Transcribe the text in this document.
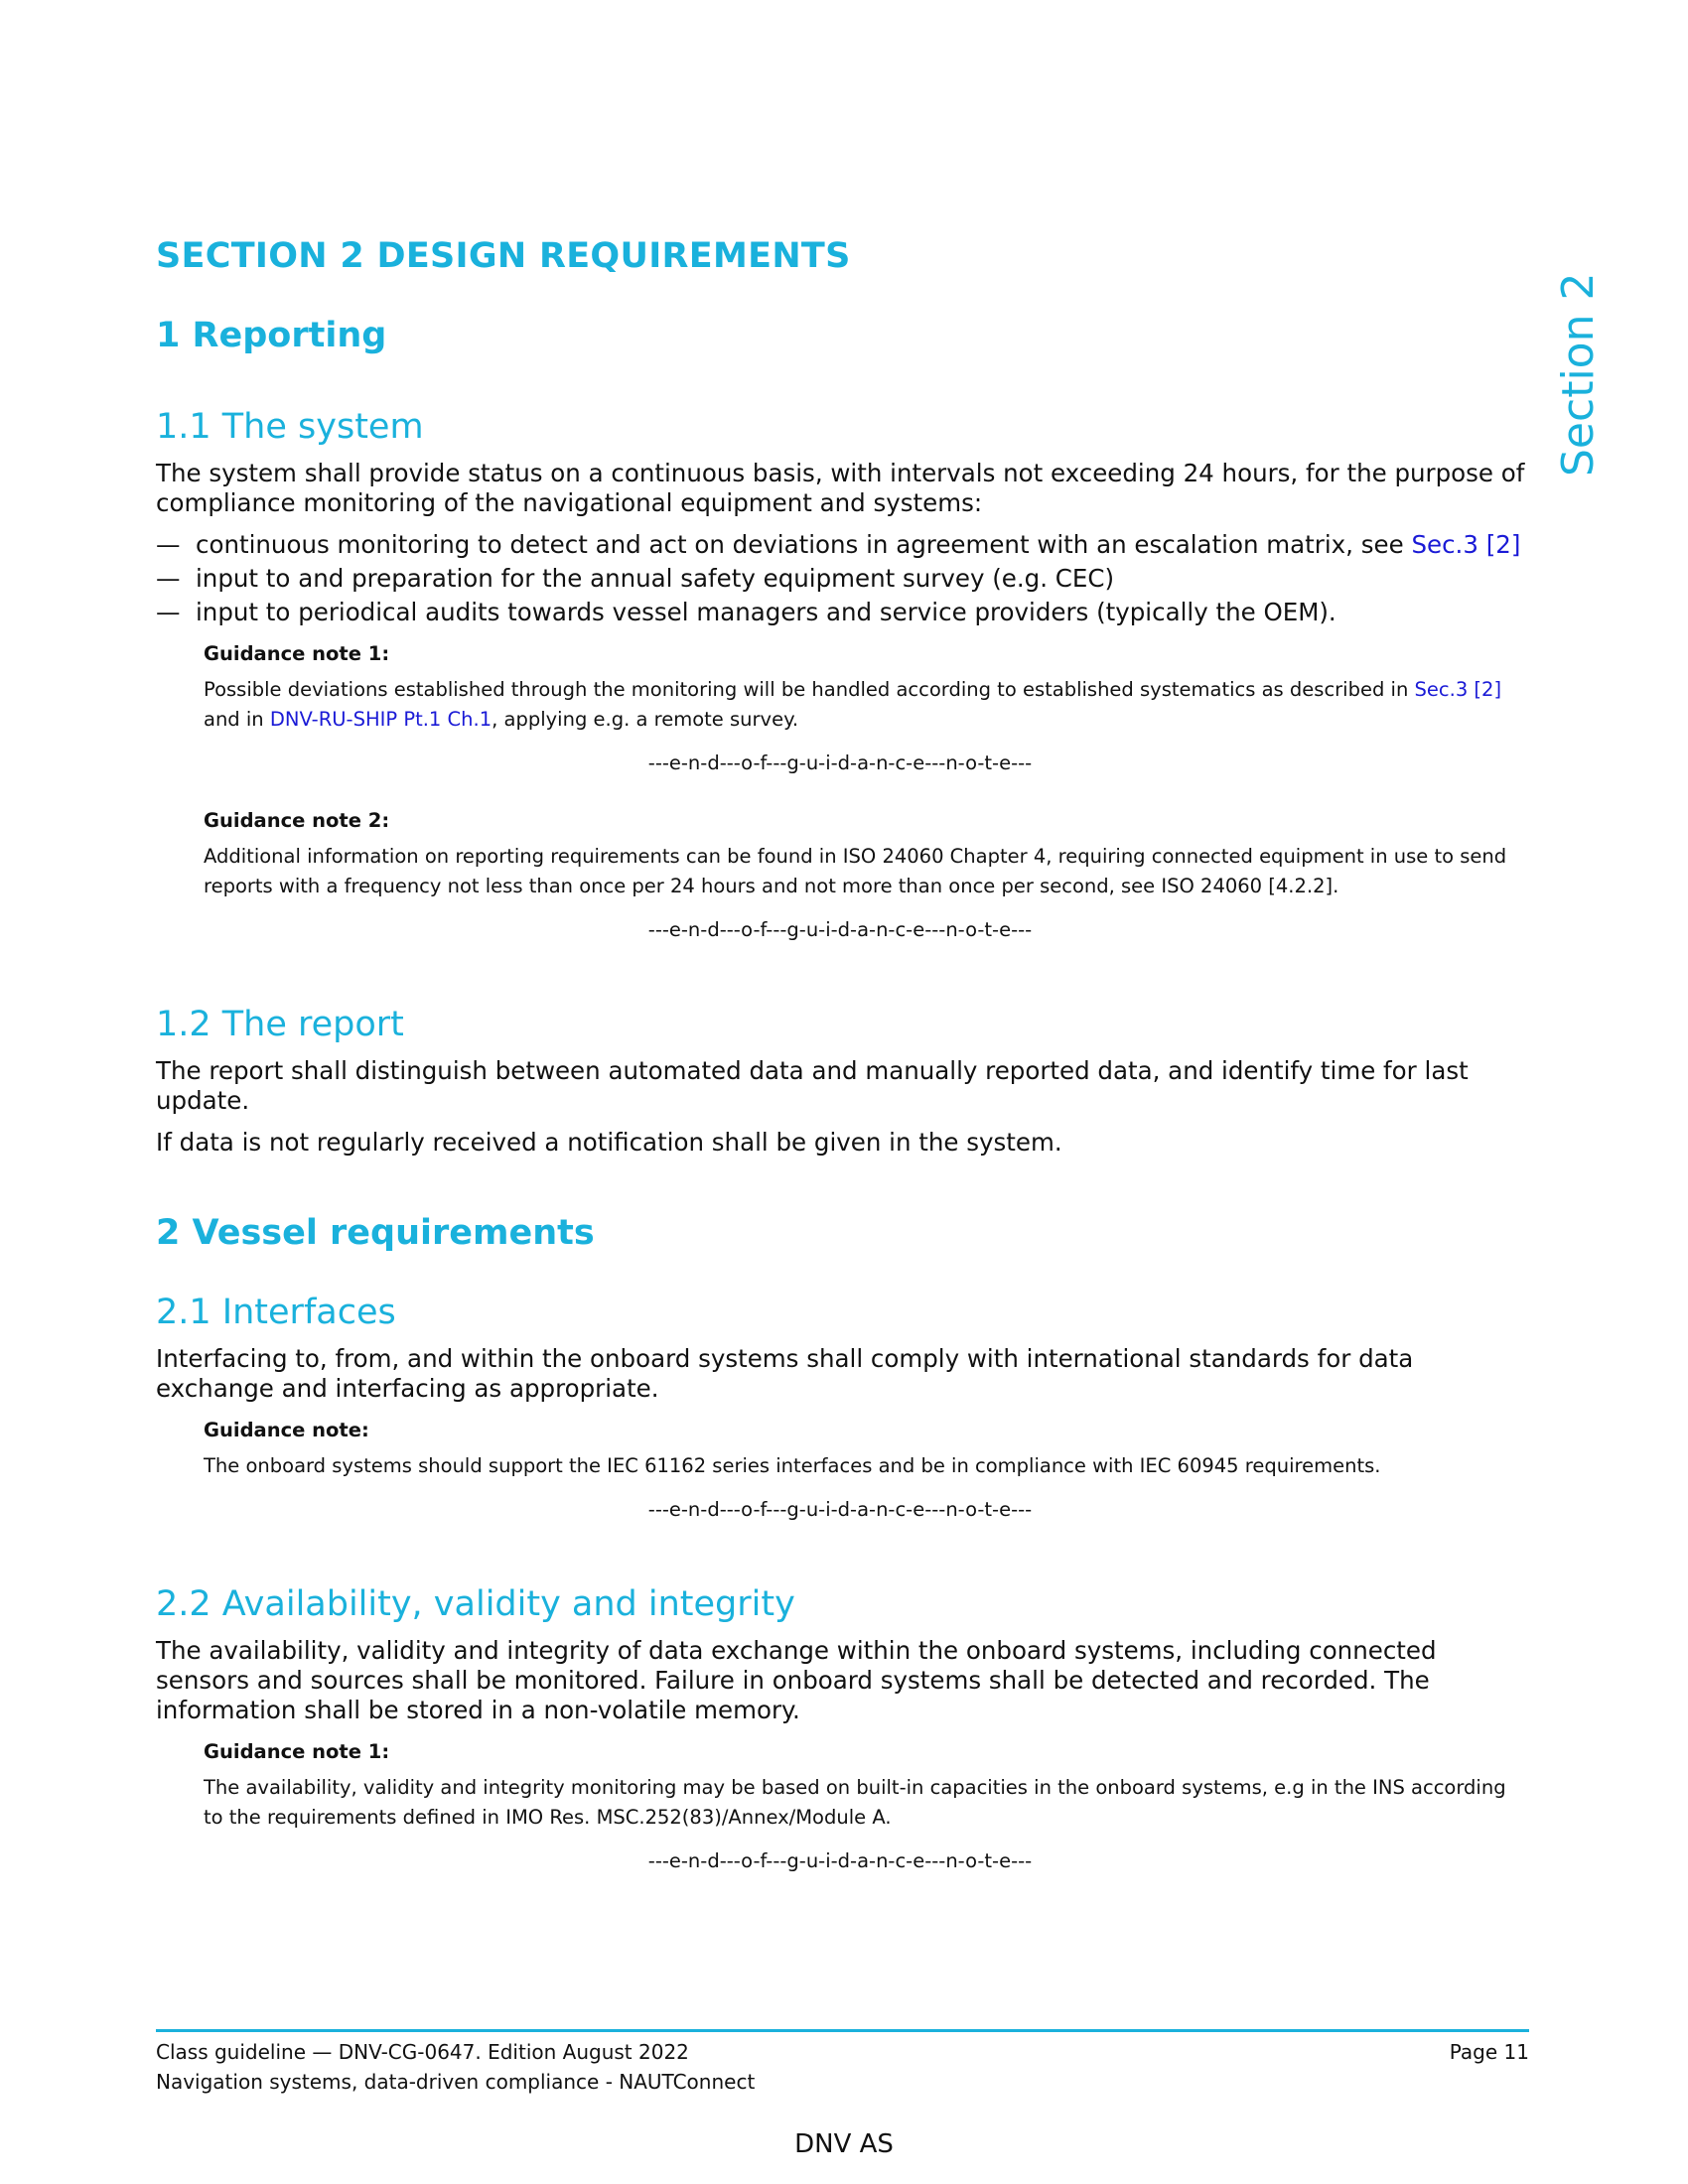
Section 2
SECTION 2 DESIGN REQUIREMENTS
1 Reporting
1.1 The system
The system shall provide status on a continuous basis, with intervals not exceeding 24 hours, for the purpose of compliance monitoring of the navigational equipment and systems:
— continuous monitoring to detect and act on deviations in agreement with an escalation matrix, see Sec.3 [2]
— input to and preparation for the annual safety equipment survey (e.g. CEC)
— input to periodical audits towards vessel managers and service providers (typically the OEM).
Guidance note 1:
Possible deviations established through the monitoring will be handled according to established systematics as described in Sec.3 [2] and in DNV-RU-SHIP Pt.1 Ch.1, applying e.g. a remote survey.
---e-n-d---o-f---g-u-i-d-a-n-c-e---n-o-t-e---
Guidance note 2:
Additional information on reporting requirements can be found in ISO 24060 Chapter 4, requiring connected equipment in use to send reports with a frequency not less than once per 24 hours and not more than once per second, see ISO 24060 [4.2.2].
---e-n-d---o-f---g-u-i-d-a-n-c-e---n-o-t-e---
1.2 The report
The report shall distinguish between automated data and manually reported data, and identify time for last update.
If data is not regularly received a notification shall be given in the system.
2 Vessel requirements
2.1 Interfaces
Interfacing to, from, and within the onboard systems shall comply with international standards for data exchange and interfacing as appropriate.
Guidance note:
The onboard systems should support the IEC 61162 series interfaces and be in compliance with IEC 60945 requirements.
---e-n-d---o-f---g-u-i-d-a-n-c-e---n-o-t-e---
2.2 Availability, validity and integrity
The availability, validity and integrity of data exchange within the onboard systems, including connected sensors and sources shall be monitored. Failure in onboard systems shall be detected and recorded. The information shall be stored in a non-volatile memory.
Guidance note 1:
The availability, validity and integrity monitoring may be based on built-in capacities in the onboard systems, e.g in the INS according to the requirements defined in IMO Res. MSC.252(83)/Annex/Module A.
---e-n-d---o-f---g-u-i-d-a-n-c-e---n-o-t-e---
Class guideline — DNV-CG-0647. Edition August 2022
Navigation systems, data-driven compliance - NAUTConnect
Page 11
DNV AS
